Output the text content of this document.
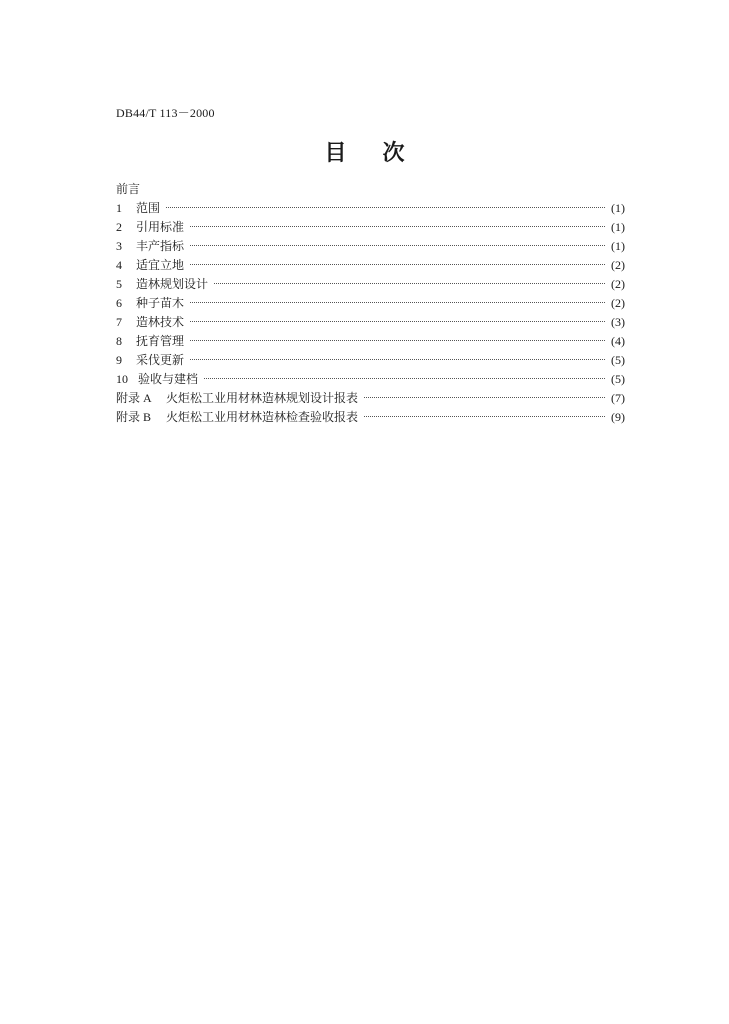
DB44/T 113－2000
目 次
前言
1	范围	(1)
2	引用标准	(1)
3	丰产指标	(1)
4	适宜立地	(2)
5	造林规划设计	(2)
6	种子苗木	(2)
7	造林技术	(3)
8	抚育管理	(4)
9	采伐更新	(5)
10 验收与建档	(5)
附录 A	火炬松工业用材林造林规划设计报表	(7)
附录 B	火炬松工业用材林造林检查验收报表	(9)
